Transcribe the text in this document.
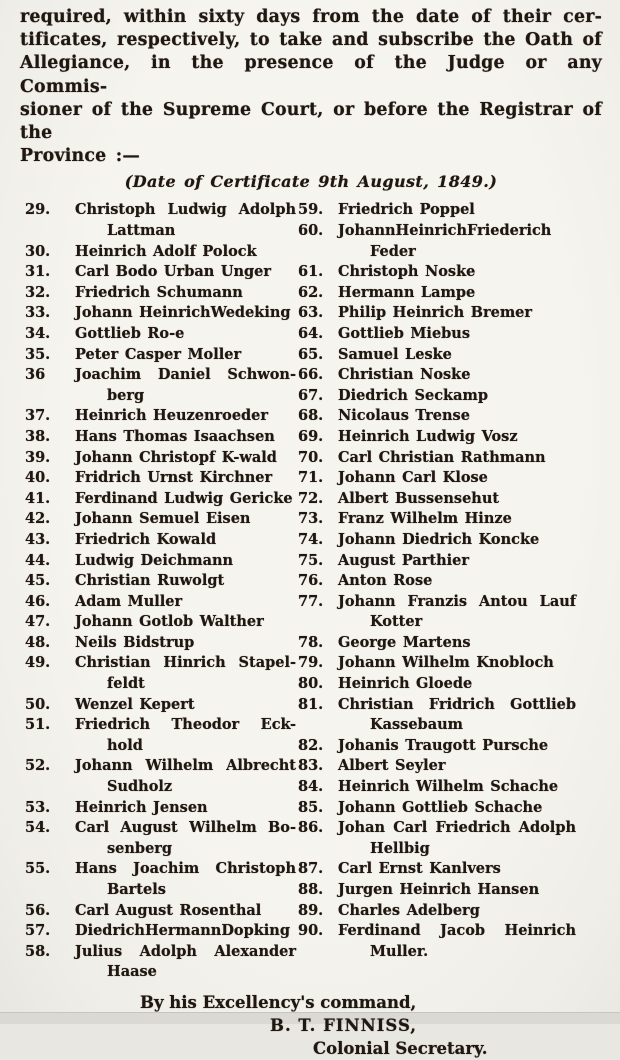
required, within sixty days from the date of their cer-
tificates, respectively, to take and subscribe the Oath of
Allegiance, in the presence of the Judge or any Commis-
sioner of the Supreme Court, or before the Registrar of the
Province :—
(Date of Certificate 9th August, 1849.)
29. Christoph Ludwig Adolph Lattman
30. Heinrich Adolf Polock
31. Carl Bodo Urban Unger
32. Friedrich Schumann
33. Johann HeinrichWedeking
34. Gottlieb Ro-e
35. Peter Casper Moller
36 Joachim Daniel Schwon-berg
37. Heinrich Heuzenroeder
38. Hans Thomas Isaachsen
39. Johann Christopf K-wald
40. Fridrich Urnst Kirchner
41. Ferdinand Ludwig Gericke
42. Johann Semuel Eisen
43. Friedrich Kowald
44. Ludwig Deichmann
45. Christian Ruwolgt
46. Adam Muller
47. Johann Gotlob Walther
48. Neils Bidstrup
49. Christian Hinrich Stapel-feldt
50. Wenzel Kepert
51. Friedrich Theodor Eck-hold
52. Johann Wilhelm Albrecht Sudholz
53. Heinrich Jensen
54. Carl August Wilhelm Bo-senberg
55. Hans Joachim Christoph Bartels
56. Carl August Rosenthal
57. DiedrichHermannDopking
58. Julius Adolph Alexander Haase
59. Friedrich Poppel
60. JohannHeinrichFriederich Feder
61. Christoph Noske
62. Hermann Lampe
63. Philip Heinrich Bremer
64. Gottlieb Miebus
65. Samuel Leske
66. Christian Noske
67. Diedrich Seckamp
68. Nicolaus Trense
69. Heinrich Ludwig Vosz
70. Carl Christian Rathmann
71. Johann Carl Klose
72. Albert Bussensehut
73. Franz Wilhelm Hinze
74. Johann Diedrich Koncke
75. August Parthier
76. Anton Rose
77. Johann Franzis Antou Lauf Kotter
78. George Martens
79. Johann Wilhelm Knobloch
80. Heinrich Gloede
81. Christian Fridrich Gottlieb Kassebaum
82. Johanis Traugott Pursche
83. Albert Seyler
84. Heinrich Wilhelm Schache
85. Johann Gottlieb Schache
86. Johan Carl Friedrich Adolph Hellbig
87. Carl Ernst Kanlvers
88. Jurgen Heinrich Hansen
89. Charles Adelberg
90. Ferdinand Jacob Heinrich Muller.
By his Excellency's command,
B. T. FINNISS,
Colonial Secretary.
